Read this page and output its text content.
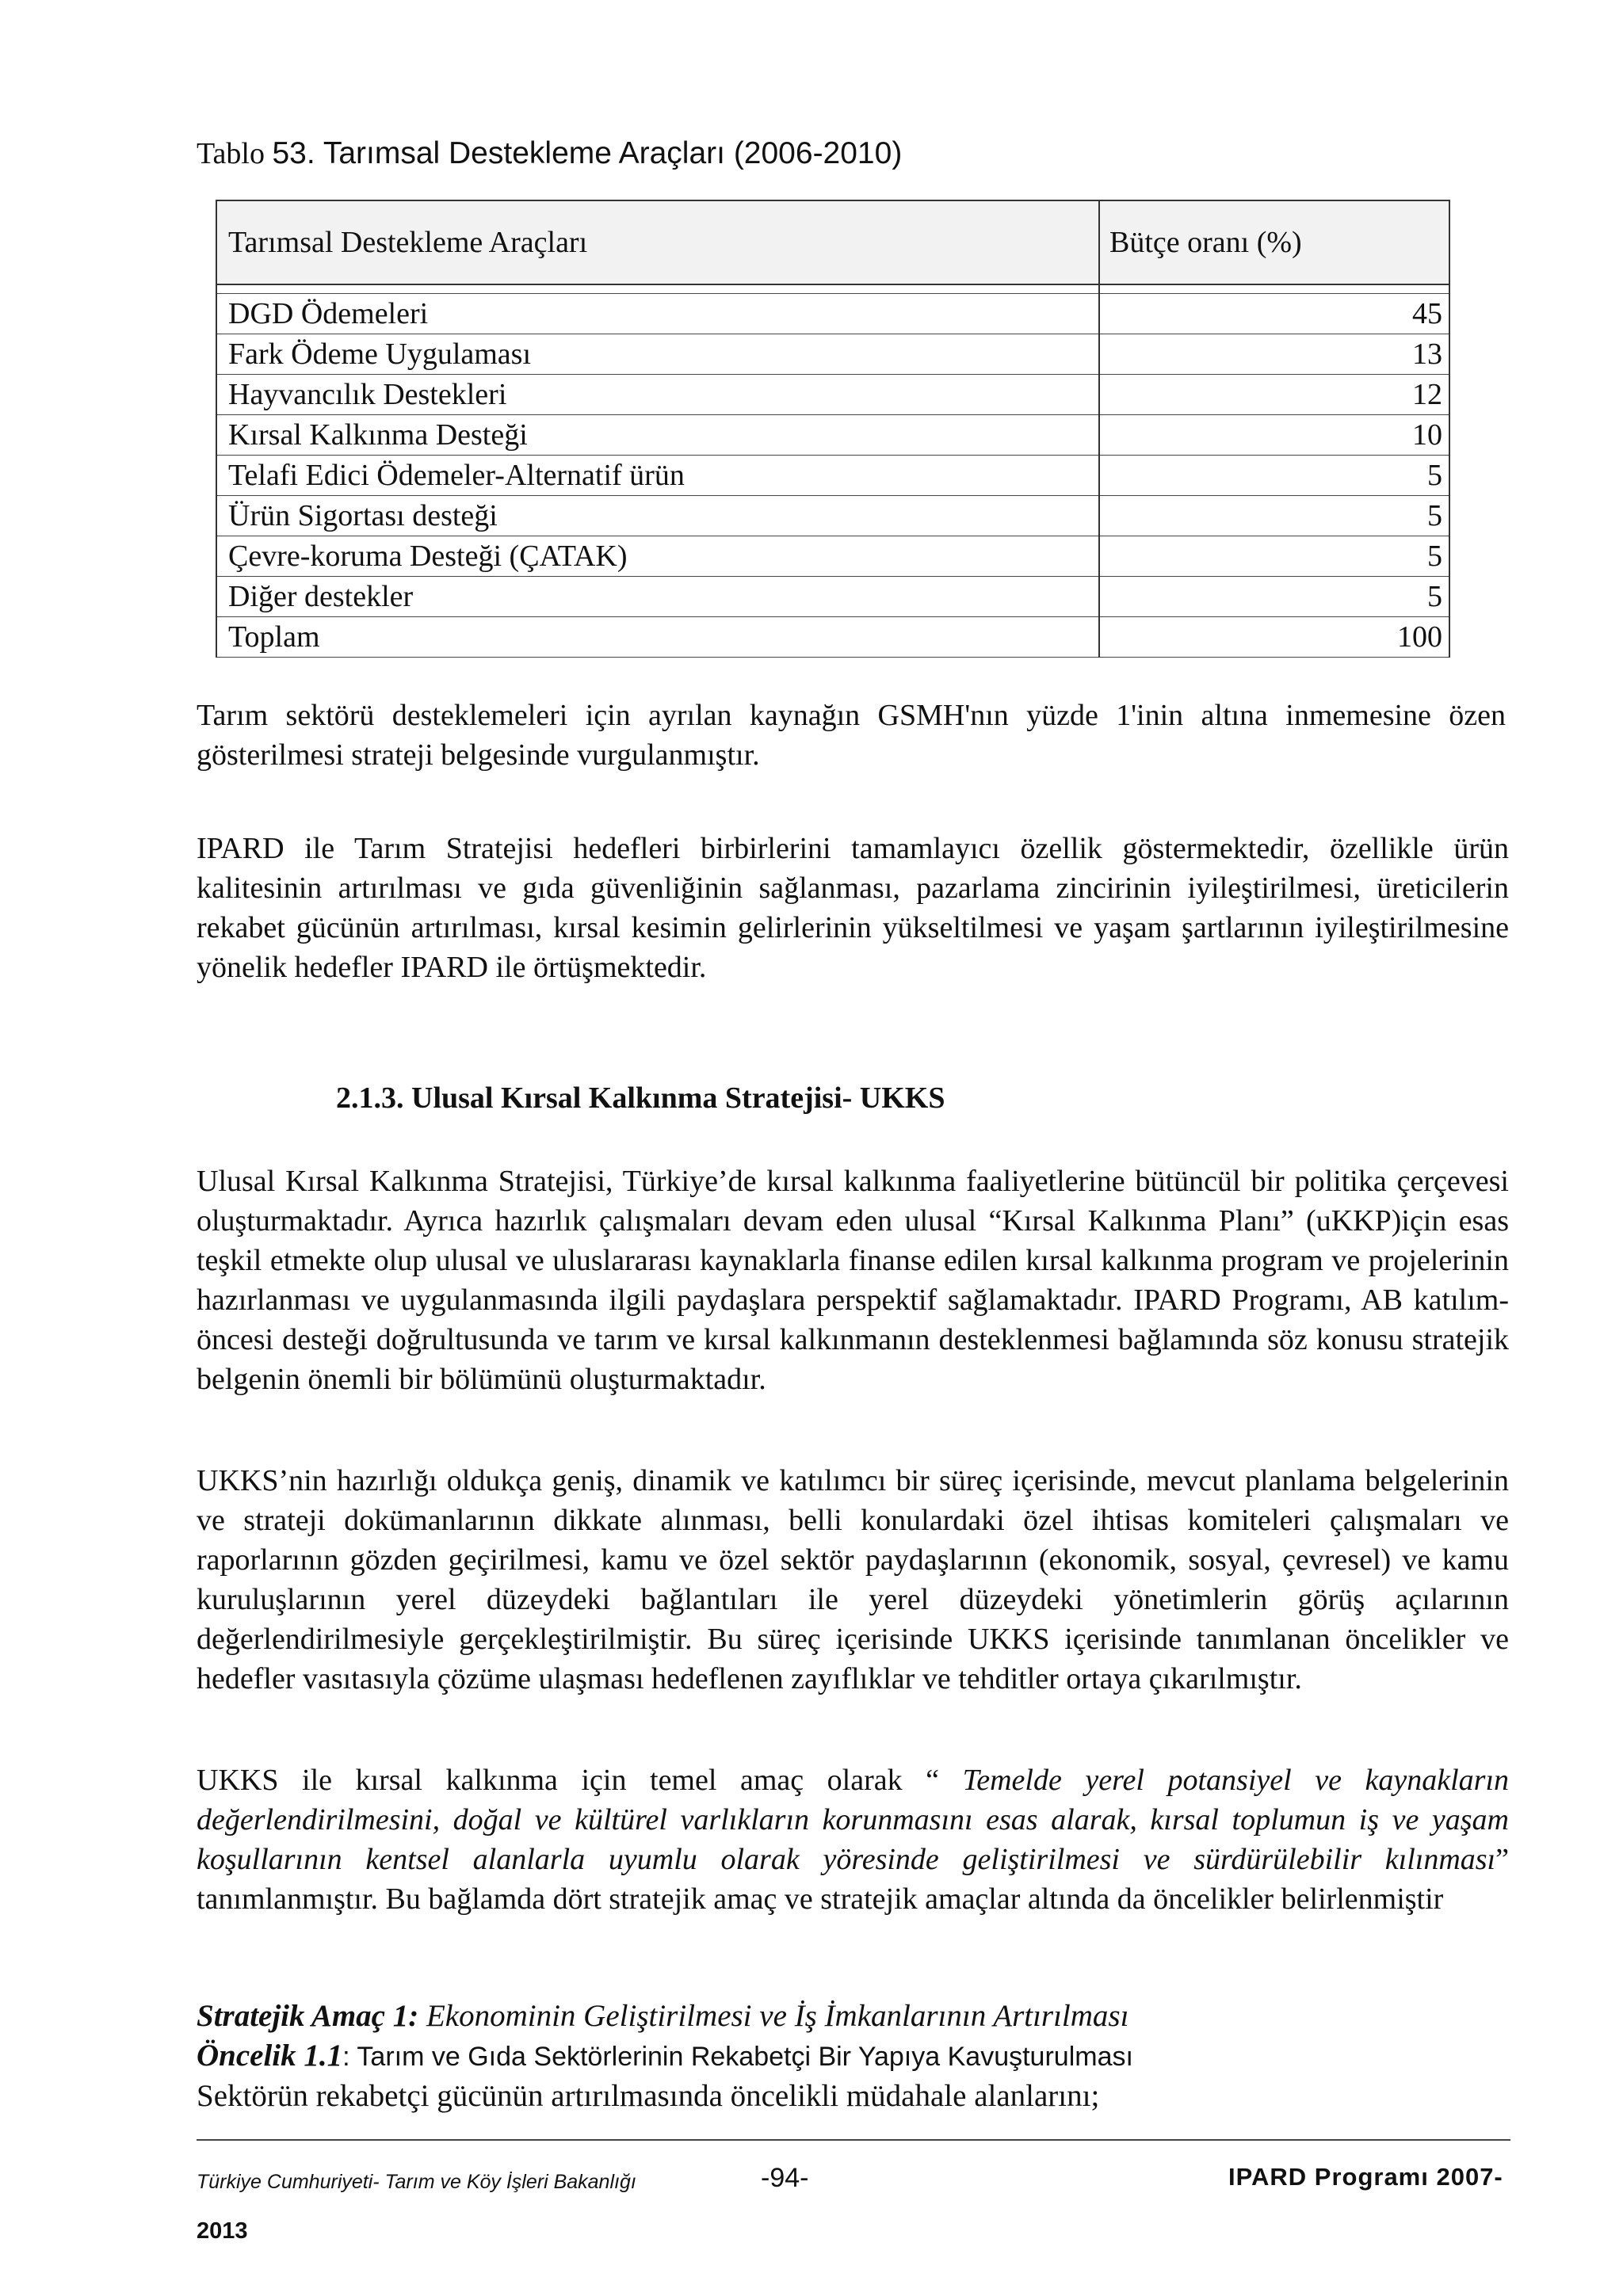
Tablo 53. Tarımsal Destekleme Araçları (2006-2010)
Tarımsal Destekleme Araçları	Bütçe oranı (%)

DGD Ödemeleri	45
Fark Ödeme Uygulaması	13
Hayvancılık Destekleri	12
Kırsal Kalkınma Desteği	10
Telafi Edici Ödemeler-Alternatif ürün	5
Ürün Sigortası desteği	5
Çevre-koruma Desteği (ÇATAK)	5
Diğer destekler	5
Toplam	100
Tarım sektörü desteklemeleri için ayrılan kaynağın GSMH'nın yüzde 1'inin altına inmemesine özen gösterilmesi strateji belgesinde vurgulanmıştır.
IPARD ile Tarım Stratejisi hedefleri birbirlerini tamamlayıcı özellik göstermektedir, özellikle ürün kalitesinin artırılması ve gıda güvenliğinin sağlanması, pazarlama zincirinin iyileştirilmesi, üreticilerin rekabet gücünün artırılması, kırsal kesimin gelirlerinin yükseltilmesi ve yaşam şartlarının iyileştirilmesine yönelik hedefler IPARD ile örtüşmektedir.
2.1.3. Ulusal Kırsal Kalkınma Stratejisi- UKKS
Ulusal Kırsal Kalkınma Stratejisi, Türkiye’de kırsal kalkınma faaliyetlerine bütüncül bir politika çerçevesi oluşturmaktadır. Ayrıca hazırlık çalışmaları devam eden ulusal “Kırsal Kalkınma Planı” (uKKP)için esas teşkil etmekte olup ulusal ve uluslararası kaynaklarla finanse edilen kırsal kalkınma program ve projelerinin hazırlanması ve uygulanmasında ilgili paydaşlara perspektif sağlamaktadır. IPARD Programı, AB katılım-öncesi desteği doğrultusunda ve tarım ve kırsal kalkınmanın desteklenmesi bağlamında söz konusu stratejik belgenin önemli bir bölümünü oluşturmaktadır.
UKKS’nin hazırlığı oldukça geniş, dinamik ve katılımcı bir süreç içerisinde, mevcut planlama belgelerinin ve strateji dokümanlarının dikkate alınması, belli konulardaki özel ihtisas komiteleri çalışmaları ve raporlarının gözden geçirilmesi, kamu ve özel sektör paydaşlarının (ekonomik, sosyal, çevresel) ve kamu kuruluşlarının yerel düzeydeki bağlantıları ile yerel düzeydeki yönetimlerin görüş açılarının değerlendirilmesiyle gerçekleştirilmiştir. Bu süreç içerisinde UKKS içerisinde tanımlanan öncelikler ve hedefler vasıtasıyla çözüme ulaşması hedeflenen zayıflıklar ve tehditler ortaya çıkarılmıştır.
UKKS ile kırsal kalkınma için temel amaç olarak “ Temelde yerel potansiyel ve kaynakların değerlendirilmesini, doğal ve kültürel varlıkların korunmasını esas alarak, kırsal toplumun iş ve yaşam koşullarının kentsel alanlarla uyumlu olarak yöresinde geliştirilmesi ve sürdürülebilir kılınması” tanımlanmıştır. Bu bağlamda dört stratejik amaç ve stratejik amaçlar altında da öncelikler belirlenmiştir
Stratejik Amaç 1: Ekonominin Geliştirilmesi ve İş İmkanlarının Artırılması
Öncelik 1.1: Tarım ve Gıda Sektörlerinin Rekabetçi Bir Yapıya Kavuşturulması
Sektörün rekabetçi gücünün artırılmasında öncelikli müdahale alanlarını;
Türkiye Cumhuriyeti- Tarım ve Köy İşleri Bakanlığı	-94-	IPARD Programı 2007-
2013
